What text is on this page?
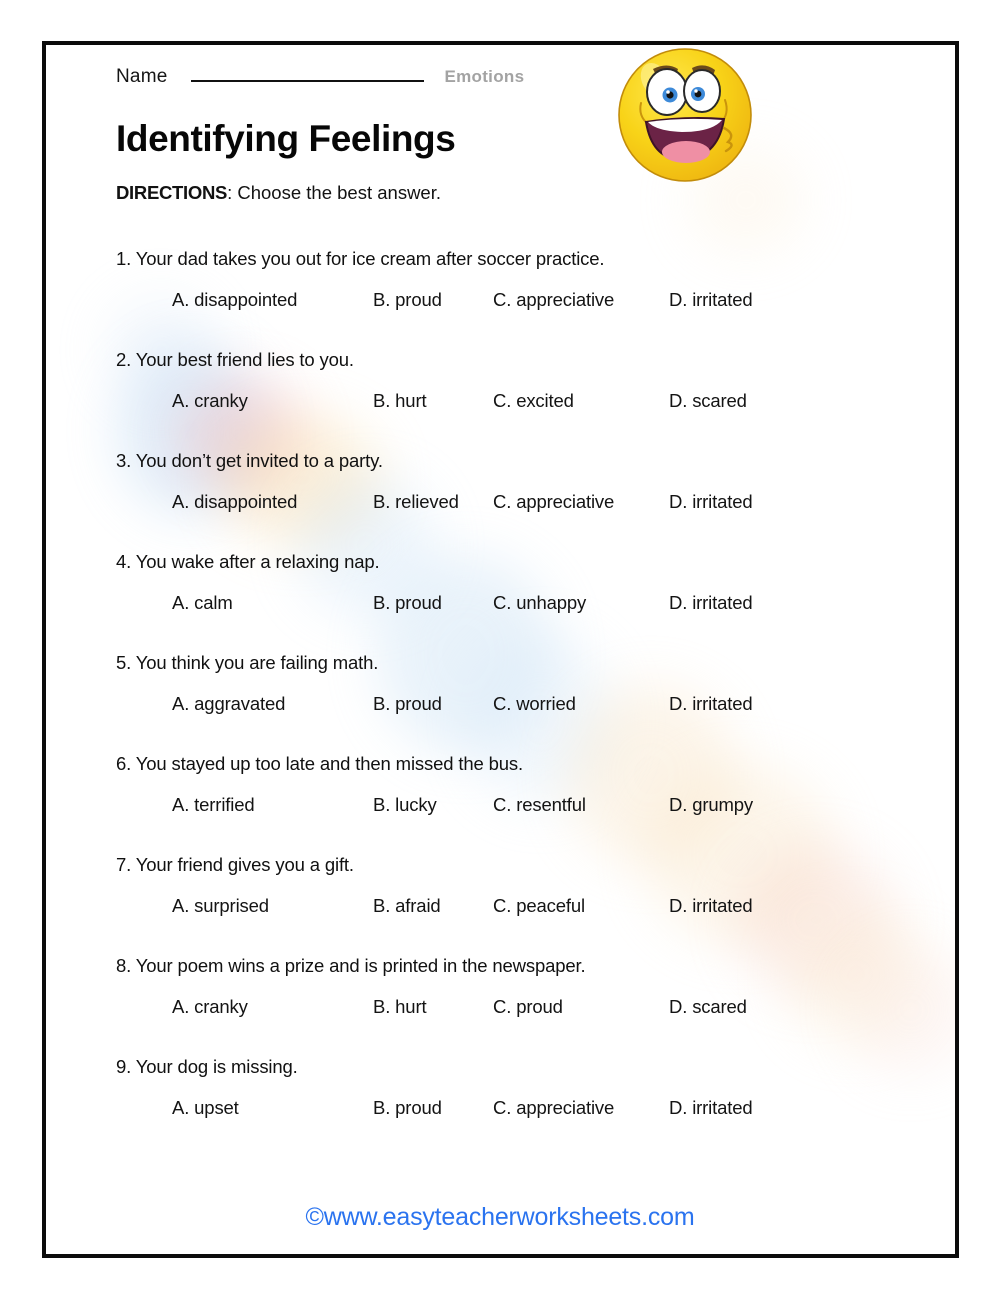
Name	Emotions
Identifying Feelings
DIRECTIONS: Choose the best answer.
1. Your dad takes you out for ice cream after soccer practice.
A. disappointed	B. proud	C. appreciative	D. irritated
2. Your best friend lies to you.
A. cranky	B. hurt	C. excited	D. scared
3. You don’t get invited to a party.
A. disappointed	B. relieved C. appreciative	D. irritated
4. You wake after a relaxing nap.
A. calm	B. proud	C. unhappy	D. irritated
5. You think you are failing math.
A. aggravated	B. proud	C. worried	D. irritated
6. You stayed up too late and then missed the bus.
A. terrified	B. lucky	C. resentful	D. grumpy
7. Your friend gives you a gift.
A. surprised	B. afraid	C. peaceful	D. irritated
8. Your poem wins a prize and is printed in the newspaper.
A. cranky	B. hurt	C. proud	D. scared
9. Your dog is missing.
A. upset	B. proud	C. appreciative	D. irritated
©www.easyteacherworksheets.com
